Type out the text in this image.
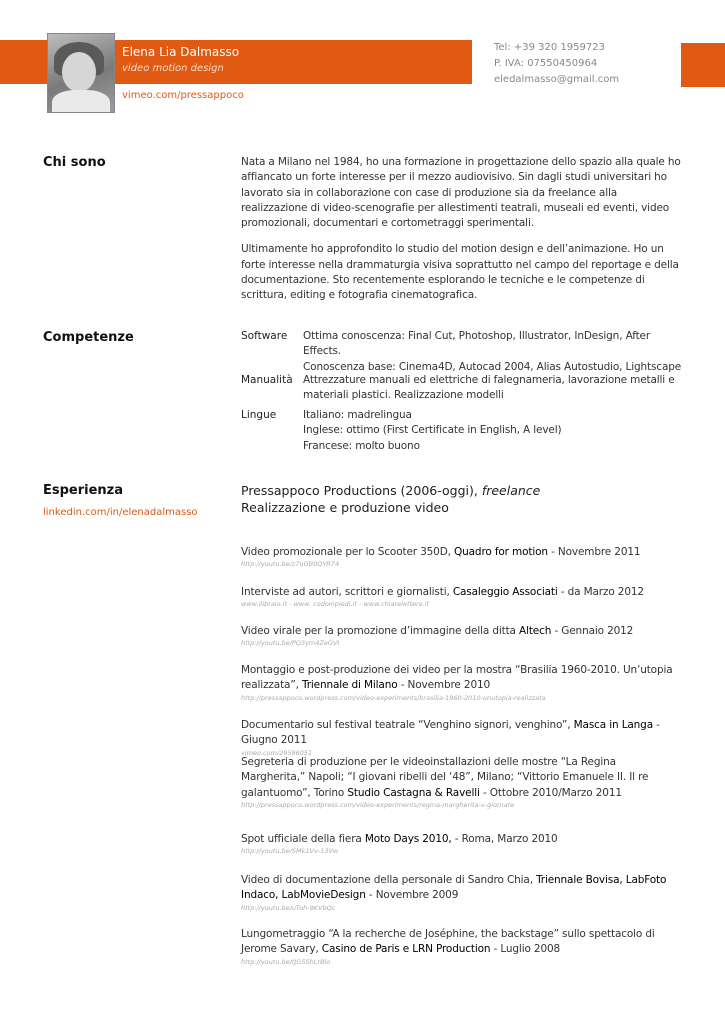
Elena Lia Dalmasso
video motion design
vimeo.com/pressappoco
Tel: +39 320 1959723
P. IVA: 07550450964
eledalmasso@gmail.com
Chi sono	Nata a Milano nel 1984, ho una formazione in progettazione dello spazio alla quale ho affiancato un forte interesse per il mezzo audiovisivo. Sin dagli studi universitari ho lavorato sia in collaborazione con case di produzione sia da freelance alla realizzazione di video-scenografie per allestimenti teatrali, museali ed eventi, video promozionali, documentari e cortometraggi sperimentali.

Ultimamente ho approfondito lo studio del motion design e dell’animazione. Ho un forte interesse nella drammaturgia visiva soprattutto nel campo del reportage e della documentazione. Sto recentemente esplorando le tecniche e le competenze di scrittura, editing e fotografia cinematografica.

Competenze	Software Ottima conoscenza: Final Cut, Photoshop, Illustrator, InDesign, After Effects.
Conoscenza base: Cinema4D, Autocad 2004, Alias Autostudio, Lightscape
Manualità Attrezzature manuali ed elettriche di falegnameria, lavorazione metalli e
materiali plastici. Realizzazione modelli
Lingue	Italiano: madrelingua
Inglese: ottimo (First Certificate in English, A level)
Francese: molto buono
Esperienza
linkedin.com/in/elenadalmasso
Pressappoco Productions (2006-oggi), freelance
Realizzazione e produzione video
Video promozionale per lo Scooter 350D, Quadro for motion - Novembre 2011
http://youtu.be/z7uGB0QYR74
Interviste ad autori, scrittori e giornalisti, Casaleggio Associati - da Marzo 2012
www.ilibraio.it - www. codoinpiedi.it - www.chiarelettere.it
Video virale per la promozione d’immagine della ditta Altech - Gennaio 2012
http://youtu.be/PQ3ym4ZeGVI
Montaggio e post-produzione dei video per la mostra “Brasilia 1960-2010. Un’utopia realizzata”, Triennale di Milano - Novembre 2010
http://pressappoco.wordpress.com/video-experiments/brasilia-1960-2010-unutopia-realizzata
Documentario sul festival teatrale “Venghino signori, venghino”, Masca in Langa - Giugno 2011
vimeo.com/29596051
Segreteria di produzione per le videoinstallazioni delle mostre “La Regina Margherita,” Napoli; “I giovani ribelli del ‘48”, Milano; “Vittorio Emanuele II. Il re galantuomo”, Torino Studio Castagna & Ravelli - Ottobre 2010/Marzo 2011
http://pressappoco.wordpress.com/video-experiments/regina-margherita-v-giornate
Spot ufficiale della fiera Moto Days 2010, - Roma, Marzo 2010
http://youtu.be/SMk1Vv-13Vw
Video di documentazione della personale di Sandro Chia, Triennale Bovisa, LabFoto Indaco, LabMovieDesign - Novembre 2009
http://youtu.be/uToh-9KVbQc
Lungometraggio “A la recherche de Joséphine, the backstage” sullo spettacolo di Jerome Savary, Casino de Paris e LRN Production - Luglio 2008
http://youtu.be/tJG5ShLrBlo
